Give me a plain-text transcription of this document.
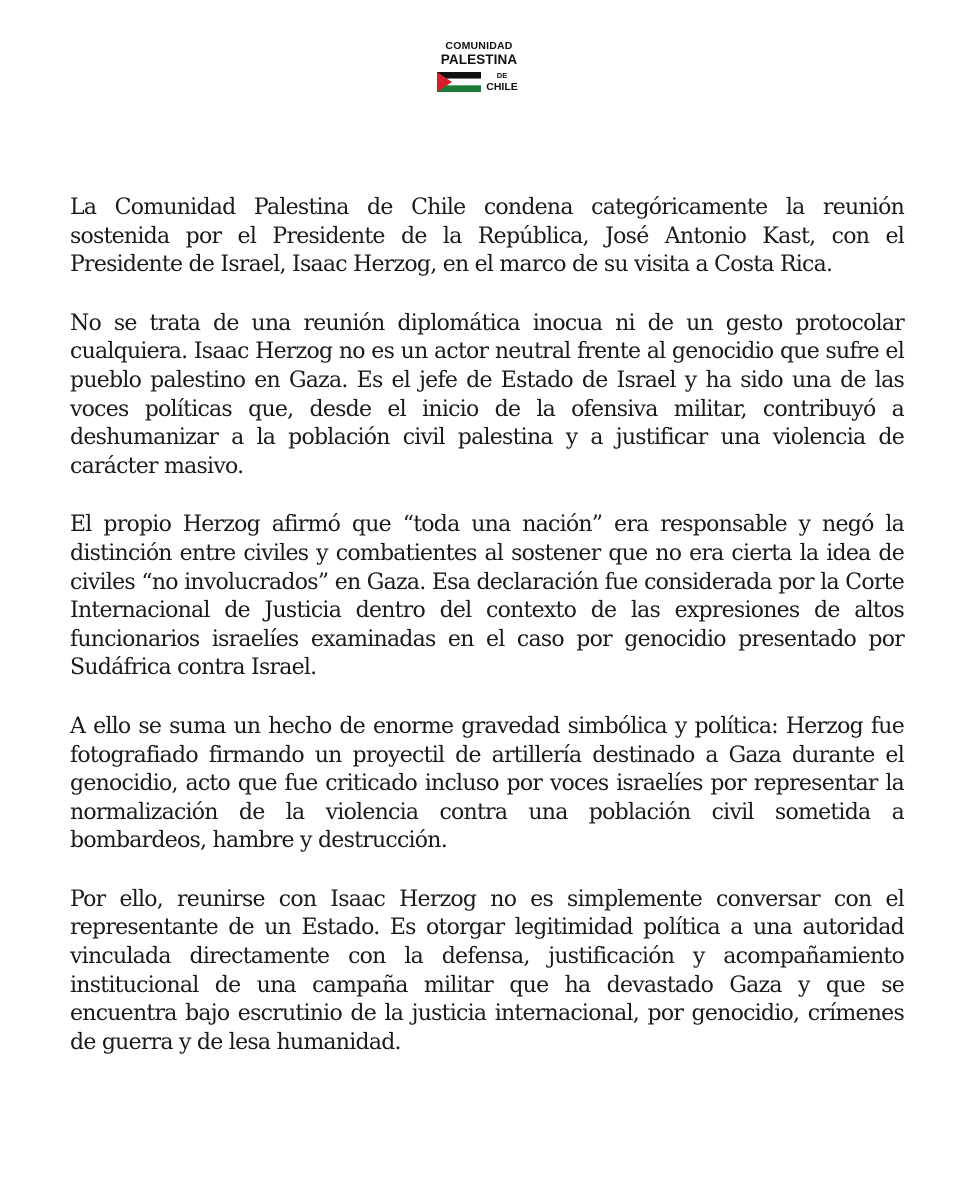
COMUNIDAD
PALESTINA
DE
CHILE

La Comunidad Palestina de Chile condena categóricamente la reunión sostenida por el Presidente de la República, José Antonio Kast, con el Presidente de Israel, Isaac Herzog, en el marco de su visita a Costa Rica.

No se trata de una reunión diplomática inocua ni de un gesto protocolar cualquiera. Isaac Herzog no es un actor neutral frente al genocidio que sufre el pueblo palestino en Gaza. Es el jefe de Estado de Israel y ha sido una de las voces políticas que, desde el inicio de la ofensiva militar, contribuyó a deshumanizar a la población civil palestina y a justificar una violencia de carácter masivo.

El propio Herzog afirmó que “toda una nación” era responsable y negó la distinción entre civiles y combatientes al sostener que no era cierta la idea de civiles “no involucrados” en Gaza. Esa declaración fue considerada por la Corte Internacional de Justicia dentro del contexto de las expresiones de altos funcionarios israelíes examinadas en el caso por genocidio presentado por Sudáfrica contra Israel.

A ello se suma un hecho de enorme gravedad simbólica y política: Herzog fue fotografiado firmando un proyectil de artillería destinado a Gaza durante el genocidio, acto que fue criticado incluso por voces israelíes por representar la normalización de la violencia contra una población civil sometida a bombardeos, hambre y destrucción.

Por ello, reunirse con Isaac Herzog no es simplemente conversar con el representante de un Estado. Es otorgar legitimidad política a una autoridad vinculada directamente con la defensa, justificación y acompañamiento institucional de una campaña militar que ha devastado Gaza y que se encuentra bajo escrutinio de la justicia internacional, por genocidio, crímenes de guerra y de lesa humanidad.
